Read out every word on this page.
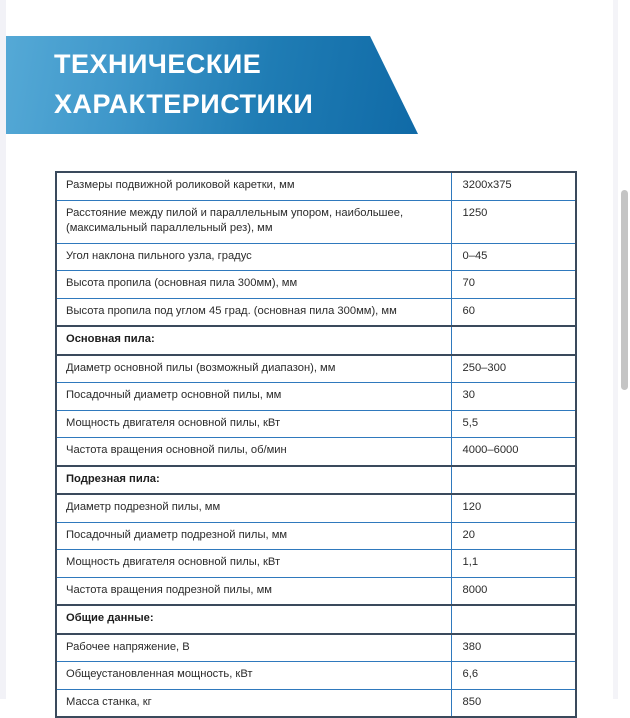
ТЕХНИЧЕСКИЕ
ХАРАКТЕРИСТИКИ
Размеры подвижной роликовой каретки, мм	3200х375
Расстояние между пилой и параллельным упором, наибольшее, (максимальный параллельный рез), мм	1250
Угол наклона пильного узла, градус	0–45
Высота пропила (основная пила 300мм), мм	70
Высота пропила под углом 45 град. (основная пила 300мм), мм	60
Основная пила:	
Диаметр основной пилы (возможный диапазон), мм	250–300
Посадочный диаметр основной пилы, мм	30
Мощность двигателя основной пилы, кВт	5,5
Частота вращения основной пилы, об/мин	4000–6000
Подрезная пила:	
Диаметр подрезной пилы, мм	120
Посадочный диаметр подрезной пилы, мм	20
Мощность двигателя основной пилы, кВт	1,1
Частота вращения подрезной пилы, мм	8000
Общие данные:	
Рабочее напряжение, В	380
Общеустановленная мощность, кВт	6,6
Масса станка, кг	850
